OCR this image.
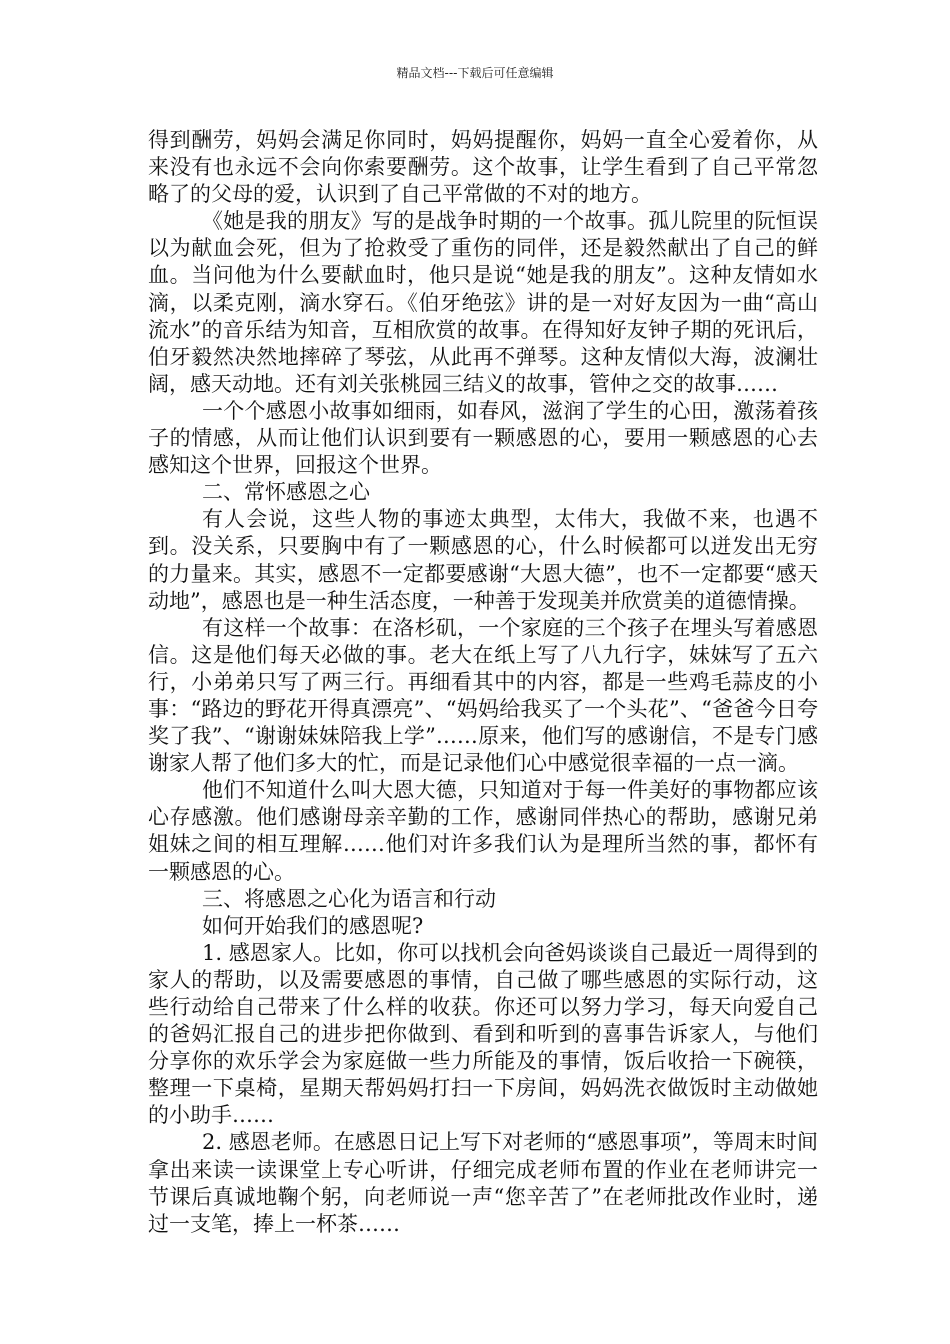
精品文档---下载后可任意编辑

得到酬劳，妈妈会满足你同时，妈妈提醒你，妈妈一直全心爱着你，从来没有也永远不会向你索要酬劳。这个故事，让学生看到了自己平常忽略了的父母的爱，认识到了自己平常做的不对的地方。

《她是我的朋友》写的是战争时期的一个故事。孤儿院里的阮恒误以为献血会死，但为了抢救受了重伤的同伴，还是毅然献出了自己的鲜血。当问他为什么要献血时，他只是说“她是我的朋友”。这种友情如水滴，以柔克刚，滴水穿石。《伯牙绝弦》讲的是一对好友因为一曲“高山流水”的音乐结为知音，互相欣赏的故事。在得知好友钟子期的死讯后，伯牙毅然决然地摔碎了琴弦，从此再不弹琴。这种友情似大海，波澜壮阔，感天动地。还有刘关张桃园三结义的故事，管仲之交的故事……

一个个感恩小故事如细雨，如春风，滋润了学生的心田，激荡着孩子的情感，从而让他们认识到要有一颗感恩的心，要用一颗感恩的心去感知这个世界，回报这个世界。

二、常怀感恩之心

有人会说，这些人物的事迹太典型，太伟大，我做不来，也遇不到。没关系，只要胸中有了一颗感恩的心，什么时候都可以迸发出无穷的力量来。其实，感恩不一定都要感谢“大恩大德”，也不一定都要“感天动地”，感恩也是一种生活态度，一种善于发现美并欣赏美的道德情操。

有这样一个故事：在洛杉矶，一个家庭的三个孩子在埋头写着感恩信。这是他们每天必做的事。老大在纸上写了八九行字，妹妹写了五六行，小弟弟只写了两三行。再细看其中的内容，都是一些鸡毛蒜皮的小事：“路边的野花开得真漂亮”、“妈妈给我买了一个头花”、“爸爸今日夸奖了我”、“谢谢妹妹陪我上学”……原来，他们写的感谢信，不是专门感谢家人帮了他们多大的忙，而是记录他们心中感觉很幸福的一点一滴。

他们不知道什么叫大恩大德，只知道对于每一件美好的事物都应该心存感激。他们感谢母亲辛勤的工作，感谢同伴热心的帮助，感谢兄弟姐妹之间的相互理解……他们对许多我们认为是理所当然的事，都怀有一颗感恩的心。

三、将感恩之心化为语言和行动

如何开始我们的感恩呢?

1. 感恩家人。比如，你可以找机会向爸妈谈谈自己最近一周得到的家人的帮助，以及需要感恩的事情，自己做了哪些感恩的实际行动，这些行动给自己带来了什么样的收获。你还可以努力学习，每天向爱自己的爸妈汇报自己的进步把你做到、看到和听到的喜事告诉家人，与他们分享你的欢乐学会为家庭做一些力所能及的事情，饭后收拾一下碗筷，整理一下桌椅，星期天帮妈妈打扫一下房间，妈妈洗衣做饭时主动做她的小助手……

2. 感恩老师。在感恩日记上写下对老师的“感恩事项”，等周末时间拿出来读一读课堂上专心听讲，仔细完成老师布置的作业在老师讲完一节课后真诚地鞠个躬，向老师说一声“您辛苦了”在老师批改作业时，递过一支笔，捧上一杯茶……
